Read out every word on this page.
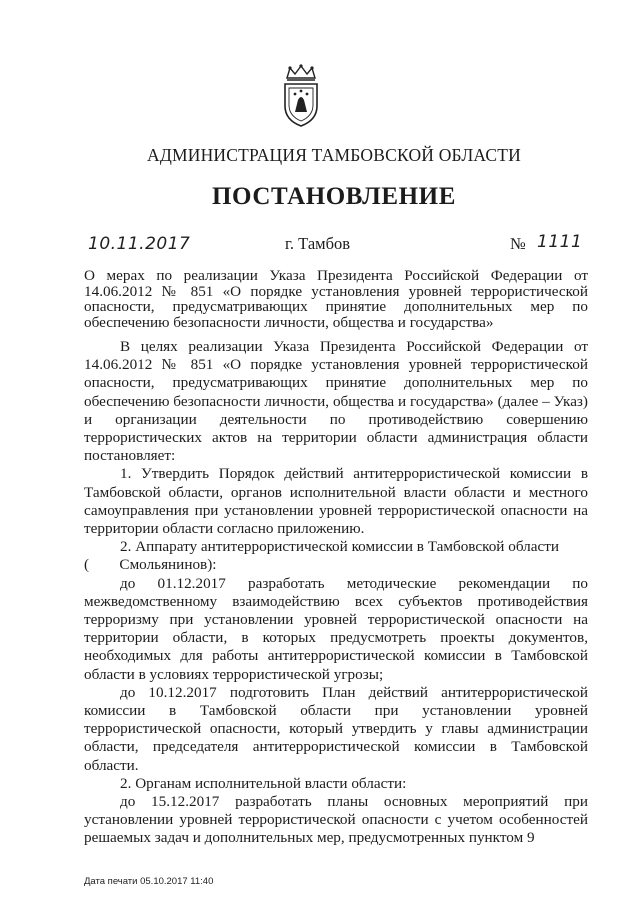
АДМИНИСТРАЦИЯ ТАМБОВСКОЙ ОБЛАСТИ
ПОСТАНОВЛЕНИЕ
10.11.2017	г. Тамбов	№ 1111
О мерах по реализации Указа Президента Российской Федерации от 14.06.2012 № 851 «О порядке установления уровней террористической опасности, предусматривающих принятие дополнительных мер по обеспечению безопасности личности, общества и государства»

В целях реализации Указа Президента Российской Федерации от 14.06.2012 № 851 «О порядке установления уровней террористической опасности, предусматривающих принятие дополнительных мер по обеспечению безопасности личности, общества и государства» (далее – Указ) и организации деятельности по противодействию совершению террористических актов на территории области администрация области постановляет:

1. Утвердить Порядок действий антитеррористической комиссии в Тамбовской области, органов исполнительной власти области и местного самоуправления при установлении уровней террористической опасности на территории области согласно приложению.

2. Аппарату антитеррористической комиссии в Тамбовской области

(        Смольянинов):

до 01.12.2017 разработать методические рекомендации по межведомственному взаимодействию всех субъектов противодействия терроризму при установлении уровней террористической опасности на территории области, в которых предусмотреть проекты документов, необходимых для работы антитеррористической комиссии в Тамбовской области в условиях террористической угрозы;

до 10.12.2017 подготовить План действий антитеррористической комиссии в Тамбовской области при установлении уровней террористической опасности, который утвердить у главы администрации области, председателя антитеррористической комиссии в Тамбовской области.

2. Органам исполнительной власти области:

до 15.12.2017 разработать планы основных мероприятий при установлении уровней террористической опасности с учетом особенностей решаемых задач и дополнительных мер, предусмотренных пунктом 9

Дата печати 05.10.2017 11:40
